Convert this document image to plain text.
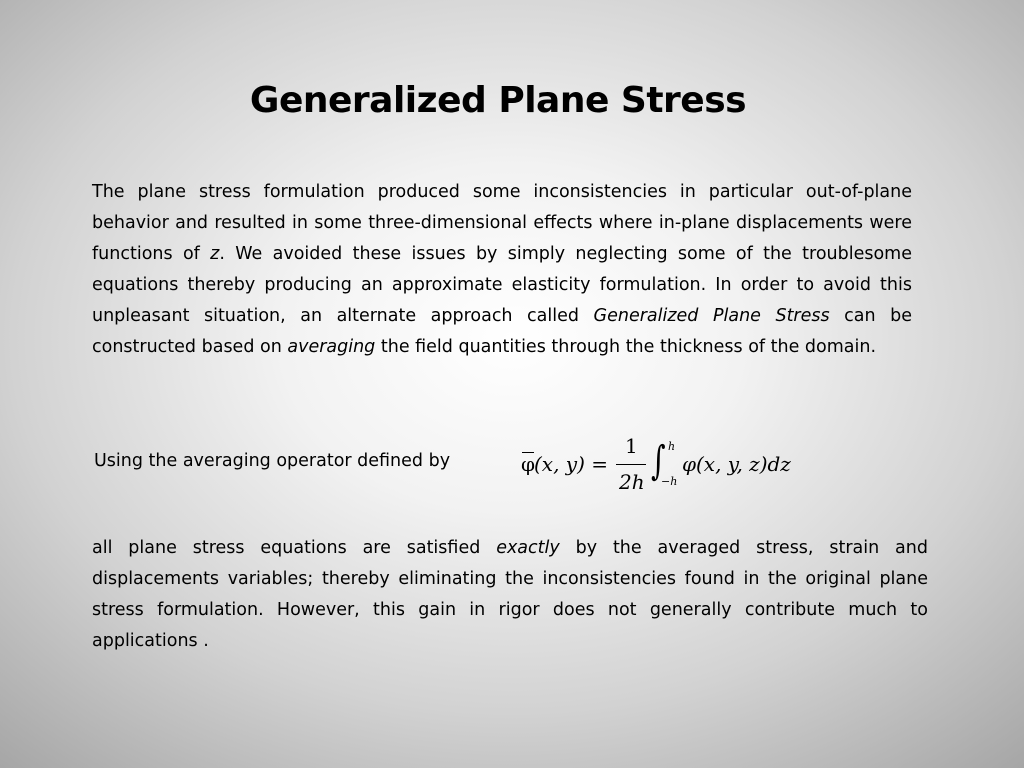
Generalized Plane Stress

The plane stress formulation produced some inconsistencies in particular out-of-plane behavior and resulted in some three-dimensional effects where in-plane displacements were functions of z. We avoided these issues by simply neglecting some of the troublesome equations thereby producing an approximate elasticity formulation. In order to avoid this unpleasant situation, an alternate approach called Generalized Plane Stress can be constructed based on averaging the field quantities through the thickness of the domain.

Using the averaging operator defined by	φ
(x, y) =
1
2h ∫ h
−h
φ(x, y, z)dz

all plane stress equations are satisfied exactly by the averaged stress, strain and displacements variables; thereby eliminating the inconsistencies found in the original plane stress formulation. However, this gain in rigor does not generally contribute much to applications .
